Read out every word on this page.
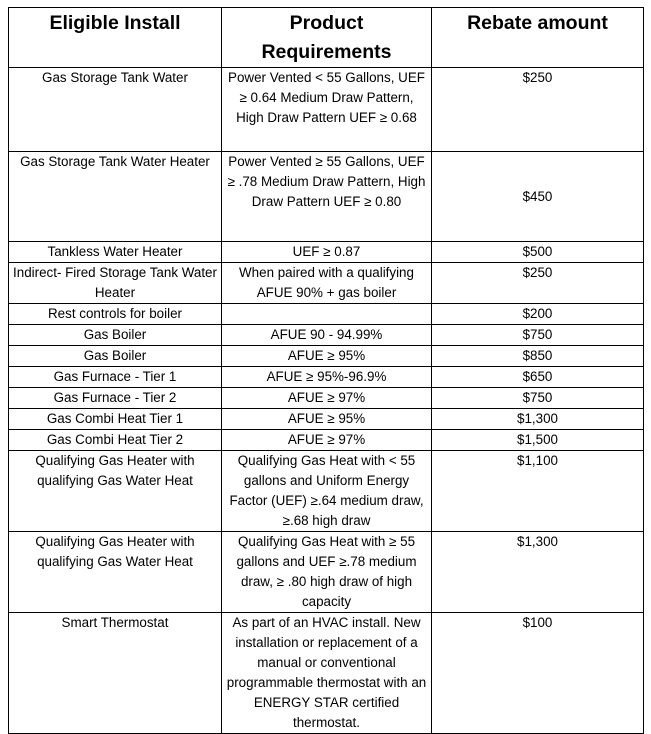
Eligible Install	Product Requirements	Rebate amount
Gas Storage Tank Water	Power Vented < 55 Gallons, UEF ≥ 0.64 Medium Draw Pattern, High Draw Pattern UEF ≥ 0.68	$250
Gas Storage Tank Water Heater	Power Vented ≥ 55 Gallons, UEF ≥ .78 Medium Draw Pattern, High Draw Pattern UEF ≥ 0.80	$450
Tankless Water Heater	UEF ≥ 0.87	$500
Indirect- Fired Storage Tank Water Heater	When paired with a qualifying AFUE 90% + gas boiler	$250
Rest controls for boiler		$200
Gas Boiler	AFUE 90 - 94.99%	$750
Gas Boiler	AFUE ≥ 95%	$850
Gas Furnace - Tier 1	AFUE ≥ 95%-96.9%	$650
Gas Furnace - Tier 2	AFUE ≥ 97%	$750
Gas Combi Heat Tier 1	AFUE ≥ 95%	$1,300
Gas Combi Heat Tier 2	AFUE ≥ 97%	$1,500
Qualifying Gas Heater with qualifying Gas Water Heat	Qualifying Gas Heat with < 55 gallons and Uniform Energy Factor (UEF) ≥.64 medium draw, ≥.68 high draw	$1,100
Qualifying Gas Heater with qualifying Gas Water Heat	Qualifying Gas Heat with ≥ 55 gallons and UEF ≥.78 medium draw, ≥ .80 high draw of high capacity	$1,300
Smart Thermostat	As part of an HVAC install. New installation or replacement of a manual or conventional programmable thermostat with an ENERGY STAR certified thermostat.	$100
